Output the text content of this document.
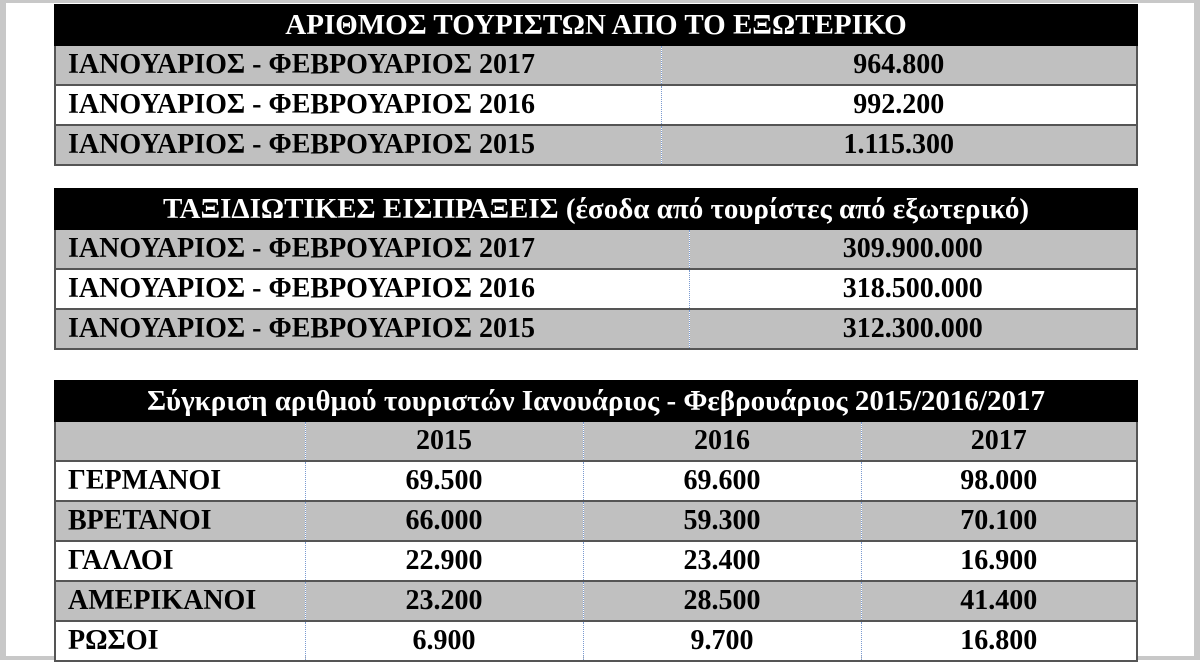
ΑΡΙΘΜΟΣ ΤΟΥΡΙΣΤΩΝ ΑΠΟ ΤΟ ΕΞΩΤΕΡΙΚΟ	
ΙΑΝΟΥΑΡΙΟΣ - ΦΕΒΡΟΥΑΡΙΟΣ 2017	964.800
ΙΑΝΟΥΑΡΙΟΣ - ΦΕΒΡΟΥΑΡΙΟΣ 2016	992.200
ΙΑΝΟΥΑΡΙΟΣ - ΦΕΒΡΟΥΑΡΙΟΣ 2015	1.115.300
ΤΑΞΙΔΙΩΤΙΚΕΣ ΕΙΣΠΡΑΞΕΙΣ (έσοδα από τουρίστες από εξωτερικό)	
ΙΑΝΟΥΑΡΙΟΣ - ΦΕΒΡΟΥΑΡΙΟΣ 2017	309.900.000
ΙΑΝΟΥΑΡΙΟΣ - ΦΕΒΡΟΥΑΡΙΟΣ 2016	318.500.000
ΙΑΝΟΥΑΡΙΟΣ - ΦΕΒΡΟΥΑΡΙΟΣ 2015	312.300.000
Σύγκριση αριθμού τουριστών Ιανουάριος - Φεβρουάριος 2015/2016/2017			
	2015	2016	2017
ΓΕΡΜΑΝΟΙ	69.500	69.600	98.000
ΒΡΕΤΑΝΟΙ	66.000	59.300	70.100
ΓΑΛΛΟΙ	22.900	23.400	16.900
ΑΜΕΡΙΚΑΝΟΙ	23.200	28.500	41.400
ΡΩΣΟΙ	6.900	9.700	16.800
